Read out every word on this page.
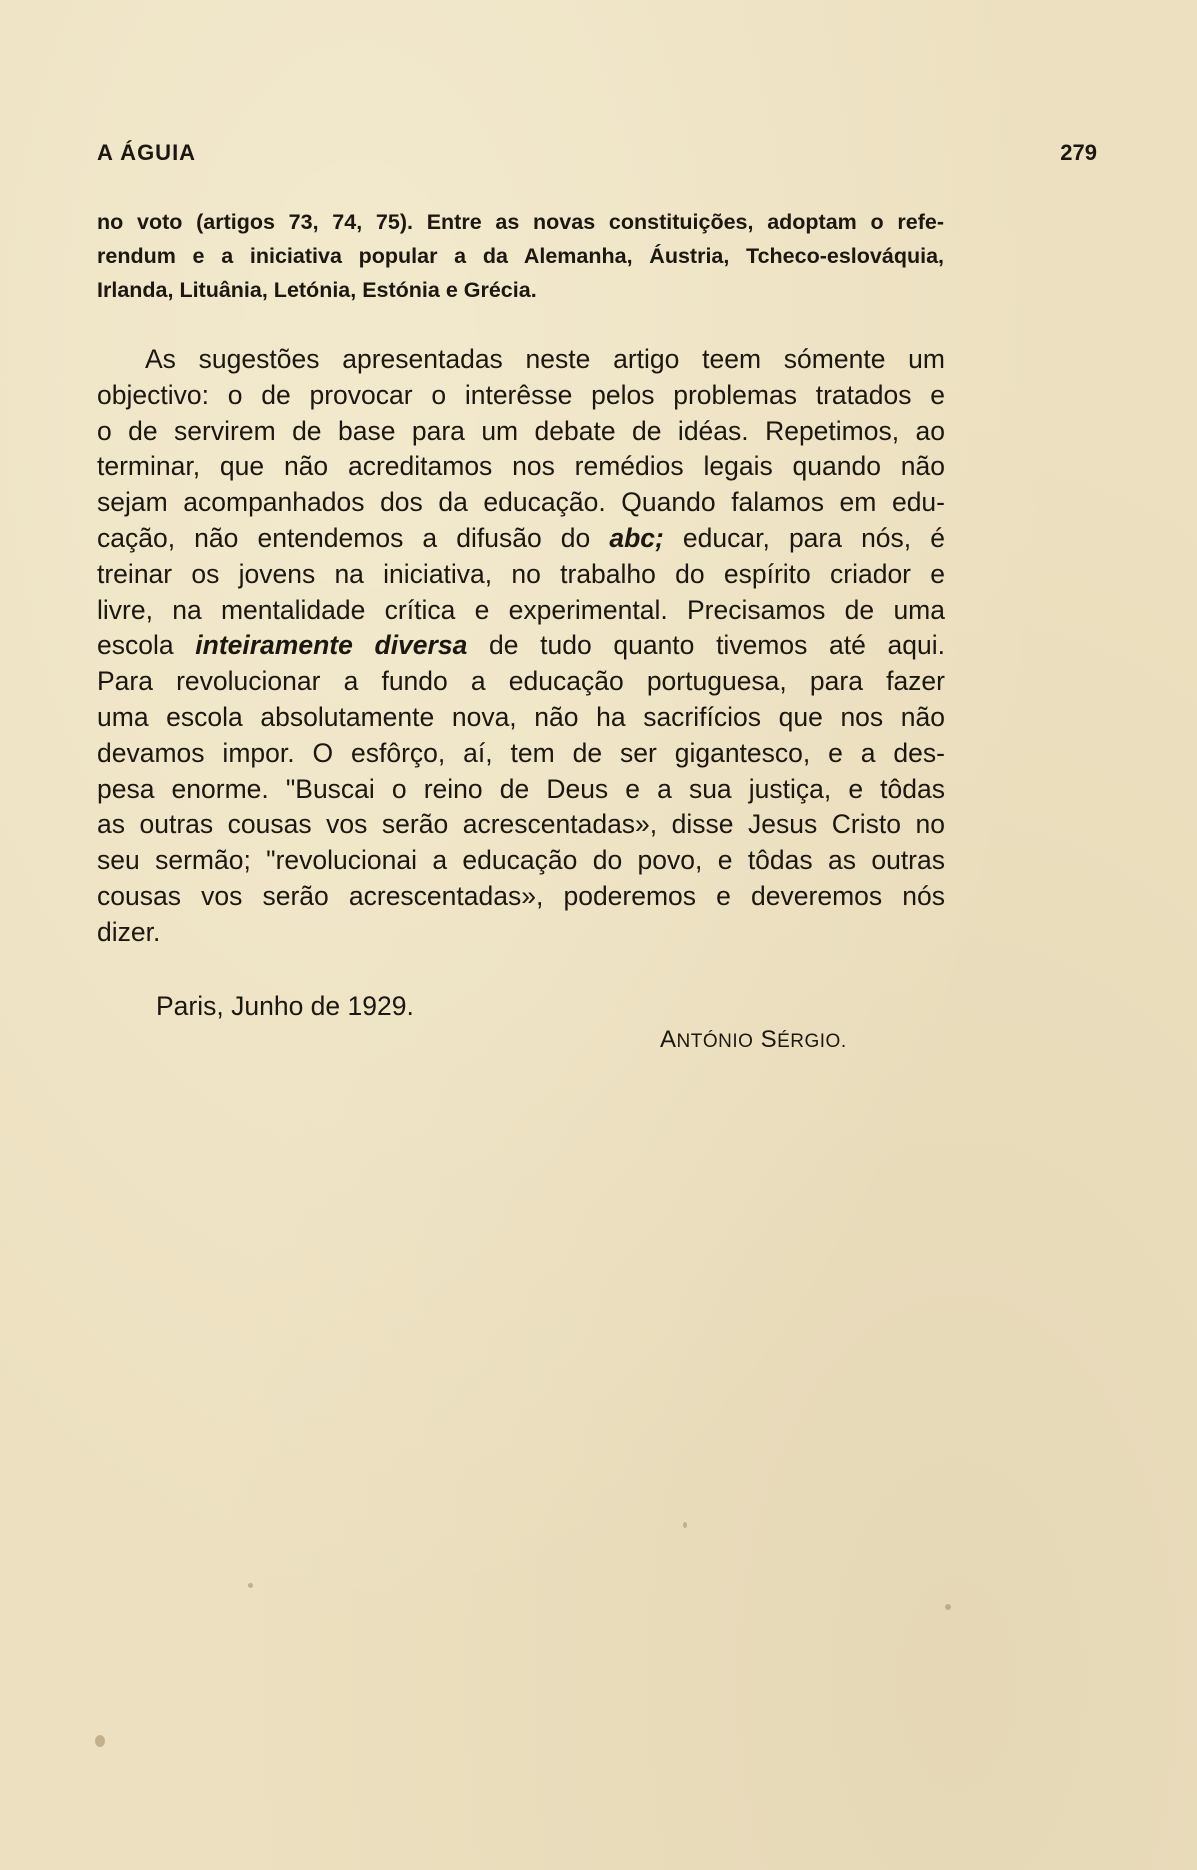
A ÁGUIA	279
no voto (artigos 73, 74, 75). Entre as novas constituições, adoptam o refe-
rendum e a iniciativa popular a da Alemanha, Áustria, Tcheco-eslováquia,
Irlanda, Lituânia, Letónia, Estónia e Grécia.
As sugestões apresentadas neste artigo teem sómente um
objectivo: o de provocar o interêsse pelos problemas tratados e
o de servirem de base para um debate de idéas. Repetimos, ao
terminar, que não acreditamos nos remédios legais quando não
sejam acompanhados dos da educação. Quando falamos em edu-
cação, não entendemos a difusão do abc; educar, para nós, é
treinar os jovens na iniciativa, no trabalho do espírito criador e
livre, na mentalidade crítica e experimental. Precisamos de uma
escola inteiramente diversa de tudo quanto tivemos até aqui.
Para revolucionar a fundo a educação portuguesa, para fazer
uma escola absolutamente nova, não ha sacrifícios que nos não
devamos impor. O esfôrço, aí, tem de ser gigantesco, e a des-
pesa enorme. "Buscai o reino de Deus e a sua justiça, e tôdas
as outras cousas vos serão acrescentadas», disse Jesus Cristo no
seu sermão; "revolucionai a educação do povo, e tôdas as outras
cousas vos serão acrescentadas», poderemos e deveremos nós
dizer.
Paris, Junho de 1929.
ANTÓNIO SÉRGIO.
